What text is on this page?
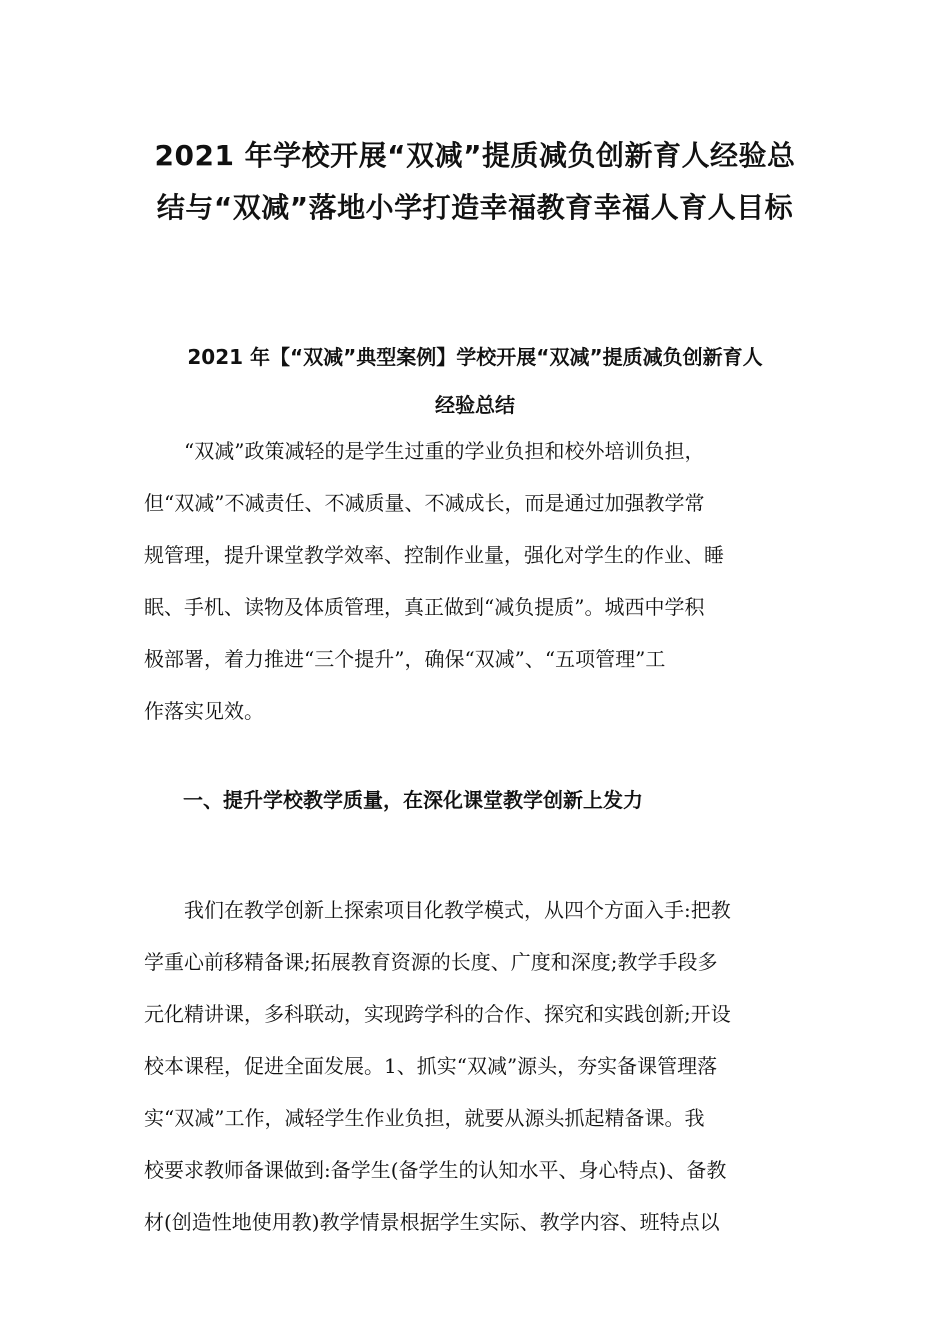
2021 年学校开展“双减”提质减负创新育人经验总
结与“双减”落地小学打造幸福教育幸福人育人目标
2021 年【“双减”典型案例】学校开展“双减”提质减负创新育人
经验总结

“双减”政策减轻的是学生过重的学业负担和校外培训负担，
但“双减”不减责任、不减质量、不减成长，而是通过加强教学常
规管理，提升课堂教学效率、控制作业量，强化对学生的作业、睡
眠、手机、读物及体质管理，真正做到“减负提质”。城西中学积
极部署，着力推进“三个提升”，确保“双减”、“五项管理”工
作落实见效。

一、提升学校教学质量，在深化课堂教学创新上发力

我们在教学创新上探索项目化教学模式，从四个方面入手:把教
学重心前移精备课;拓展教育资源的长度、广度和深度;教学手段多
元化精讲课，多科联动，实现跨学科的合作、探究和实践创新;开设
校本课程，促进全面发展。1、抓实“双减”源头，夯实备课管理落
实“双减”工作，减轻学生作业负担，就要从源头抓起精备课。我
校要求教师备课做到:备学生(备学生的认知水平、身心特点)、备教
材(创造性地使用教)教学情景根据学生实际、教学内容、班特点以
